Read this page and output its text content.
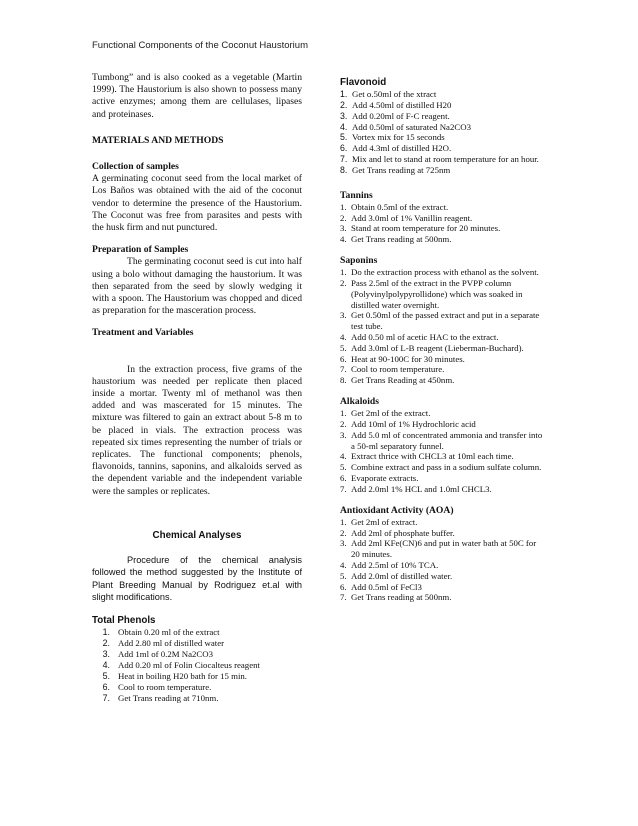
Functional Components of the Coconut Haustorium

Tumbong” and is also cooked as a vegetable (Martin 1999). The Haustorium is also shown to possess many active enzymes; among them are cellulases, lipases and proteinases.

MATERIALS AND METHODS

Collection of samples

A germinating coconut seed from the local market of Los Baños was obtained with the aid of the coconut vendor to determine the presence of the Haustorium. The Coconut was free from parasites and pests with the husk firm and nut punctured.

Preparation of Samples

The germinating coconut seed is cut into half using a bolo without damaging the haustorium. It was then separated from the seed by slowly wedging it with a spoon. The Haustorium was chopped and diced as preparation for the masceration process.

Treatment and Variables

In the extraction process, five grams of the haustorium was needed per replicate then placed inside a mortar. Twenty ml of methanol was then added and was mascerated for 15 minutes. The mixture was filtered to gain an extract about 5-8 m to be placed in vials. The extraction process was repeated six times representing the number of trials or replicates. The functional components; phenols, flavonoids, tannins, saponins, and alkaloids served as the dependent variable and the independent variable were the samples or replicates.

Chemical Analyses

Procedure of the chemical analysis followed the method suggested by the Institute of Plant Breeding Manual by Rodriguez et.al with slight modifications.

Total Phenols

1. Obtain 0.20 ml of the extract
2. Add 2.80 ml of distilled water
3. Add 1ml of 0.2M Na2CO3
4. Add 0.20 ml of Folin Ciocalteus reagent
5. Heat in boiling H20 bath for 15 min.
6. Cool to room temperature.
7. Get Trans reading at 710nm.

Flavonoid

1. Get o.50ml of the xtract
2. Add 4.50ml of distilled H20
3. Add 0.20ml of F-C reagent.
4. Add 0.50ml of saturated Na2CO3
5. Vortex mix for 15 seconds
6. Add 4.3ml of distilled H2O.
7. Mix and let to stand at room temperature for an hour.
8. Get Trans reading at 725nm

Tannins

1. Obtain 0.5ml of the extract.
2. Add 3.0ml of 1% Vanillin reagent.
3. Stand at room temperature for 20 minutes.
4. Get Trans reading at 500nm.

Saponins

1. Do the extraction process with ethanol as the solvent.
2. Pass 2.5ml of the extract in the PVPP column (Polyvinylpolypyrollidone) which was soaked in distilled water overnight.
3. Get 0.50ml of the passed extract and put in a separate test tube.
4. Add 0.50 ml of acetic HAC to the extract.
5. Add 3.0ml of L-B reagent (Lieberman-Buchard).
6. Heat at 90-100C for 30 minutes.
7. Cool to room temperature.
8. Get Trans Reading at 450nm.

Alkaloids

1. Get 2ml of the extract.
2. Add 10ml of 1% Hydrochloric acid
3. Add 5.0 ml of concentrated ammonia and transfer into a 50-ml separatory funnel.
4. Extract thrice with CHCL3 at 10ml each time.
5. Combine extract and pass in a sodium sulfate column.
6. Evaporate extracts.
7. Add 2.0ml 1% HCL and 1.0ml CHCL3.

Antioxidant Activity (AOA)

1. Get 2ml of extract.
2. Add 2ml of phosphate buffer.
3. Add 2ml KFe(CN)6 and put in water bath at 50C for 20 minutes.
4. Add 2.5ml of 10% TCA.
5. Add 2.0ml of distilled water.
6. Add 0.5ml of FeCl3
7. Get Trans reading at 500nm.
